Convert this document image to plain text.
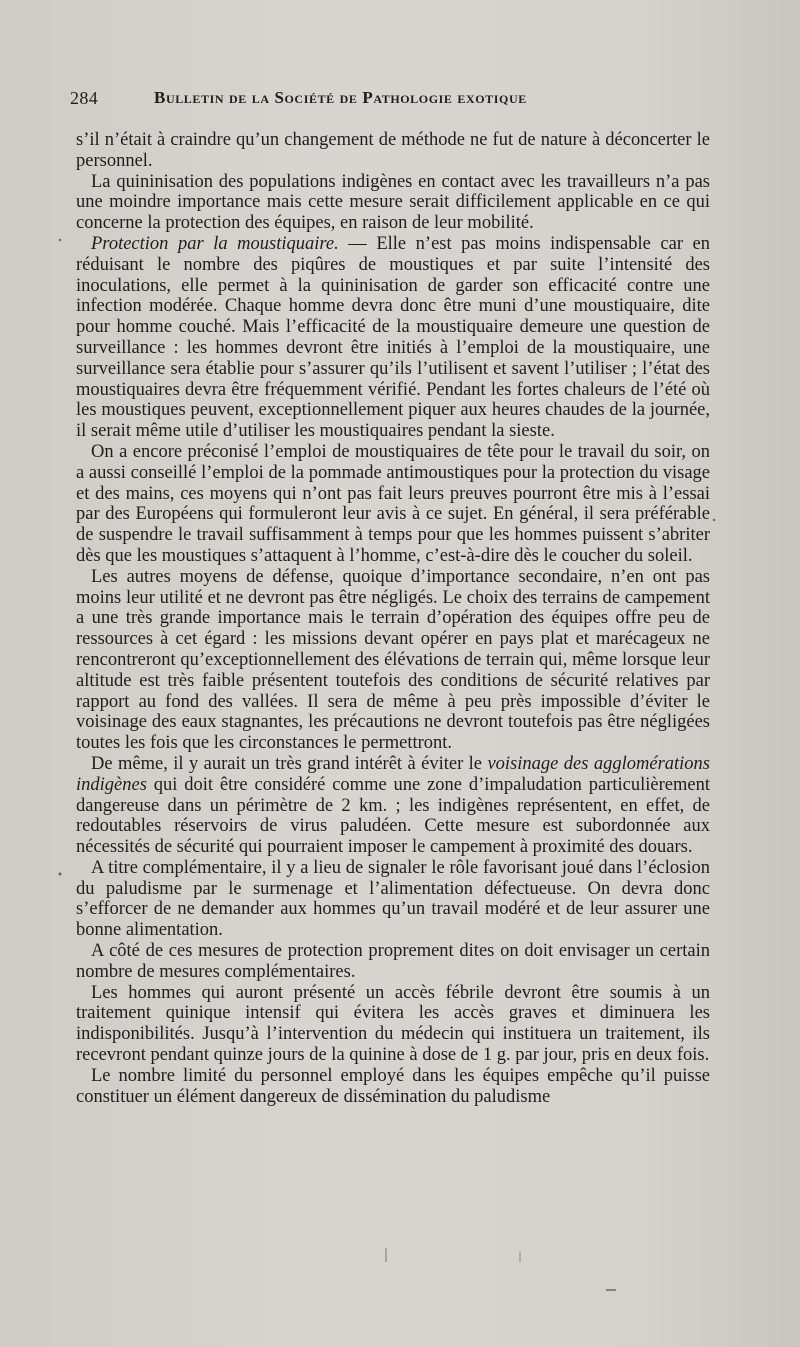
284	Bulletin de la Société de Pathologie exotique

s’il n’était à craindre qu’un changement de méthode ne fut de nature à déconcerter le personnel.

La quininisation des populations indigènes en contact avec les travailleurs n’a pas une moindre importance mais cette mesure serait difficilement applicable en ce qui concerne la protection des équipes, en raison de leur mobilité.

Protection par la moustiquaire. — Elle n’est pas moins indispensable car en réduisant le nombre des piqûres de moustiques et par suite l’intensité des inoculations, elle permet à la quininisation de garder son efficacité contre une infection modérée. Chaque homme devra donc être muni d’une moustiquaire, dite pour homme couché. Mais l’efficacité de la moustiquaire demeure une question de surveillance : les hommes devront être initiés à l’emploi de la moustiquaire, une surveillance sera établie pour s’assurer qu’ils l’utilisent et savent l’utiliser ; l’état des moustiquaires devra être fréquemment vérifié. Pendant les fortes chaleurs de l’été où les moustiques peuvent, exceptionnellement piquer aux heures chaudes de la journée, il serait même utile d’utiliser les moustiquaires pendant la sieste.

On a encore préconisé l’emploi de moustiquaires de tête pour le travail du soir, on a aussi conseillé l’emploi de la pommade antimoustiques pour la protection du visage et des mains, ces moyens qui n’ont pas fait leurs preuves pourront être mis à l’essai par des Européens qui formuleront leur avis à ce sujet. En général, il sera préférable de suspendre le travail suffisamment à temps pour que les hommes puissent s’abriter dès que les moustiques s’attaquent à l’homme, c’est-à-dire dès le coucher du soleil.

Les autres moyens de défense, quoique d’importance secondaire, n’en ont pas moins leur utilité et ne devront pas être négligés. Le choix des terrains de campement a une très grande importance mais le terrain d’opération des équipes offre peu de ressources à cet égard : les missions devant opérer en pays plat et marécageux ne rencontreront qu’exceptionnellement des élévations de terrain qui, même lorsque leur altitude est très faible présentent toutefois des conditions de sécurité relatives par rapport au fond des vallées. Il sera de même à peu près impossible d’éviter le voisinage des eaux stagnantes, les précautions ne devront toutefois pas être négligées toutes les fois que les circonstances le permettront.

De même, il y aurait un très grand intérêt à éviter le voisinage des agglomérations indigènes qui doit être considéré comme une zone d’impaludation particulièrement dangereuse dans un périmètre de 2 km. ; les indigènes représentent, en effet, de redoutables réservoirs de virus paludéen. Cette mesure est subordonnée aux nécessités de sécurité qui pourraient imposer le campement à proximité des douars.

A titre complémentaire, il y a lieu de signaler le rôle favorisant joué dans l’éclosion du paludisme par le surmenage et l’alimentation défectueuse. On devra donc s’efforcer de ne demander aux hommes qu’un travail modéré et de leur assurer une bonne alimentation.

A côté de ces mesures de protection proprement dites on doit envisager un certain nombre de mesures complémentaires.

Les hommes qui auront présenté un accès fébrile devront être soumis à un traitement quinique intensif qui évitera les accès graves et diminuera les indisponibilités. Jusqu’à l’intervention du médecin qui instituera un traitement, ils recevront pendant quinze jours de la quinine à dose de 1 g. par jour, pris en deux fois.

Le nombre limité du personnel employé dans les équipes empêche qu’il puisse constituer un élément dangereux de dissémination du paludisme
